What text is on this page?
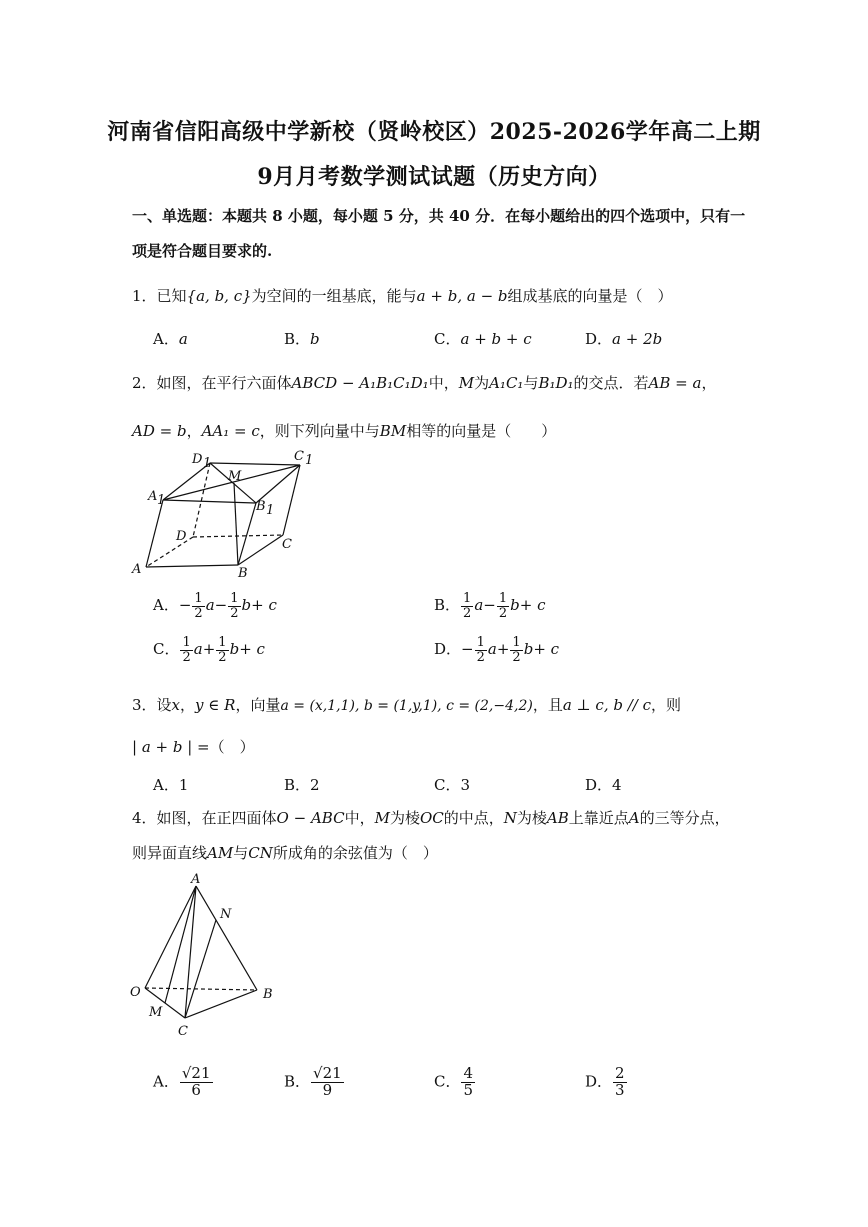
河南省信阳高级中学新校（贤岭校区）2025-2026学年高二上期
9月月考数学测试试题（历史方向）
一、单选题：本题共 8 小题，每小题 5 分，共 40 分．在每小题给出的四个选项中，只有一
项是符合题目要求的.
1．已知{a, b, c}为空间的一组基底，能与a + b, a − b组成基底的向量是（　）
A．a	B．b	C．a + b + c	D．a + 2b
2．如图，在平行六面体ABCD − A₁B₁C₁D₁中，M为A₁C₁与B₁D₁的交点．若AB = a，
AD = b，AA₁ = c，则下列向量中与BM相等的向量是（　　）
D 1	C 1
M
A 1	B 1
D
C
A	B
A．− $\frac{1}{2} a- \frac{1}{2} b+ c$	B． $\frac{1}{2} a- \frac{1}{2} b+ c$
C． $\frac{1}{2} a+ \frac{1}{2} b+ c$	D．− $\frac{1}{2} a+ \frac{1}{2} b+ c$
3．设x，y ∈ R，向量a = (x,1,1), b = (1,y,1), c = (2,−4,2)，且a ⊥ c, b // c，则
| a + b | =（　）
A．1	B．2	C．3	D．4
4．如图，在正四面体O − ABC中，M为棱OC的中点，N为棱AB上靠近点A的三等分点，
则异面直线AM与CN所成角的余弦值为（　）
A
N
O	B
M
C
A． $\frac{√21}{6}$	B． $\frac{√21}{9}$	C． $\frac{4}{5}$	D． $\frac{2}{3}$
